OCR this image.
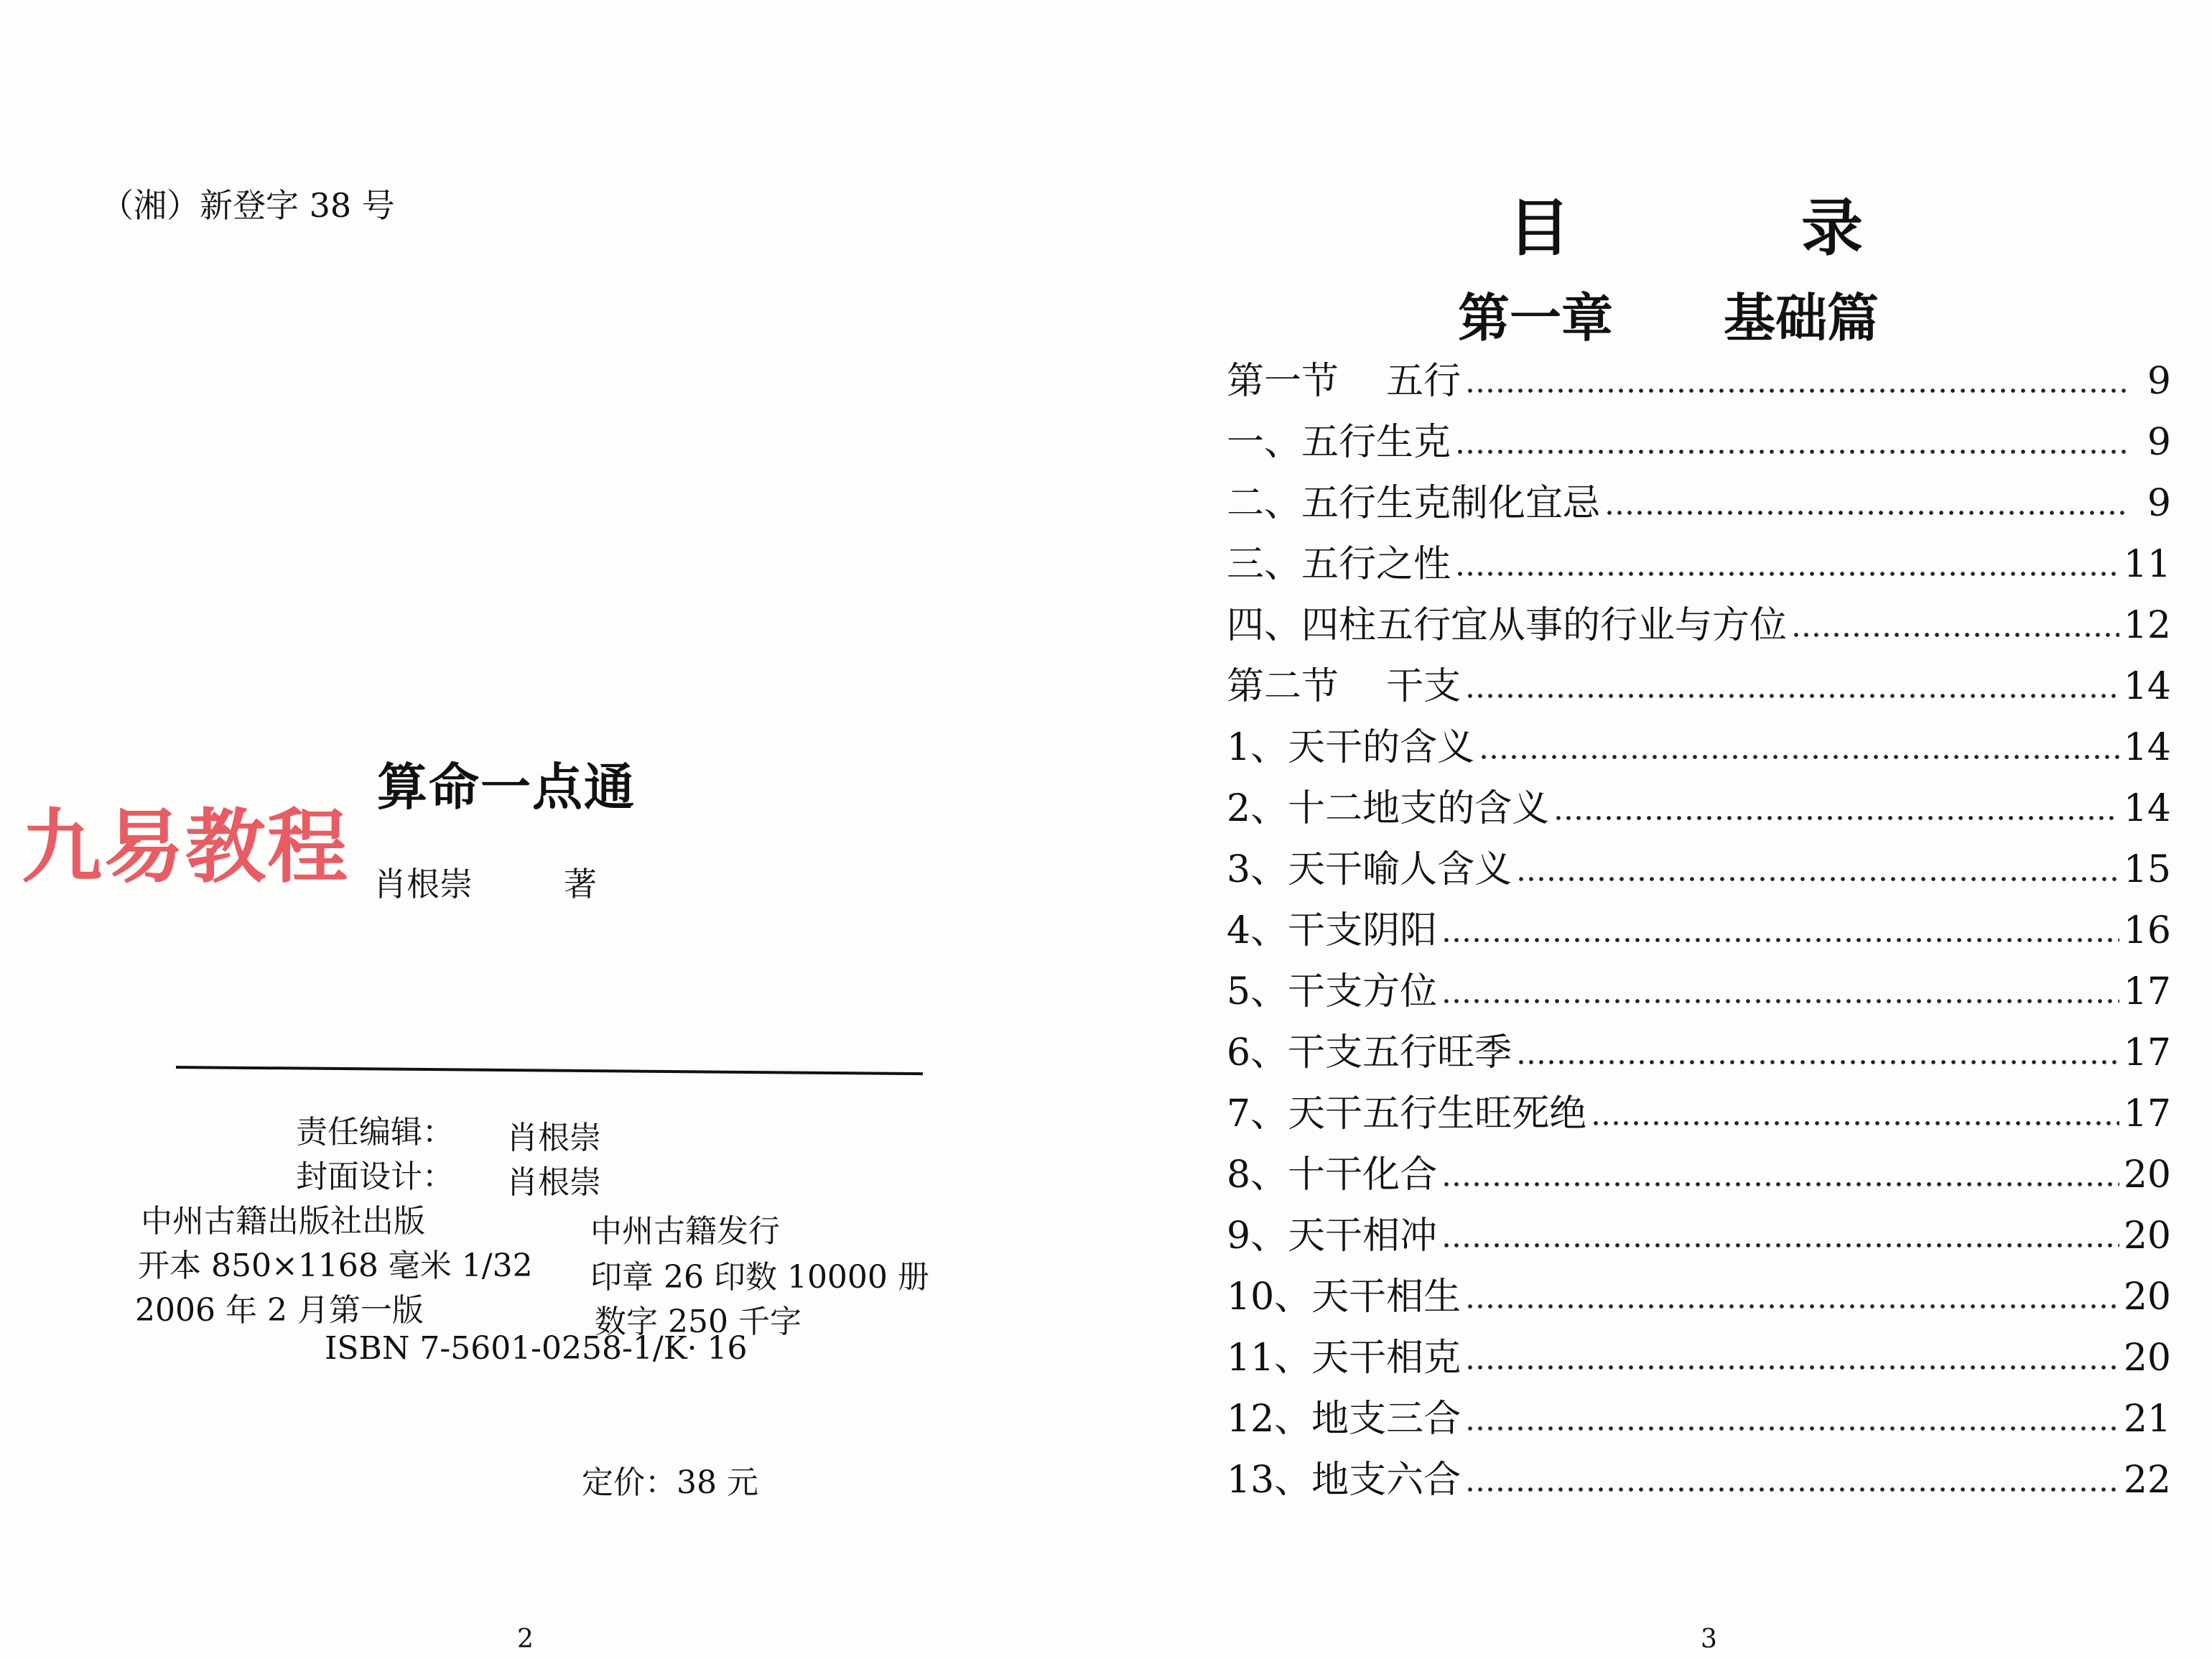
（湘）新登字 38 号
算命一点通
九易教程 肖根崇	著
责任编辑： 肖根崇
封面设计： 肖根崇
中州古籍出版社出版	中州古籍发行
开本 850×1168 毫米 1/32 印章 26 印数 10000 册
2006 年 2 月第一版	数字 250 千字
ISBN 7-5601-0258-1/K· 16
定价：38 元
2
目	录
第一章 基础篇
3
第一节    五行	9
一、五行生克	9
二、五行生克制化宜忌	9
三、五行之性	11
四、四柱五行宜从事的行业与方位	12
第二节    干支	14
1、天干的含义	14
2、十二地支的含义	14
3、天干喻人含义	15
4、干支阴阳	16
5、干支方位	17
6、干支五行旺季	17
7、天干五行生旺死绝	17
8、十干化合	20
9、天干相冲	20
10、天干相生	20
11、天干相克	20
12、地支三合	21
13、地支六合	22
